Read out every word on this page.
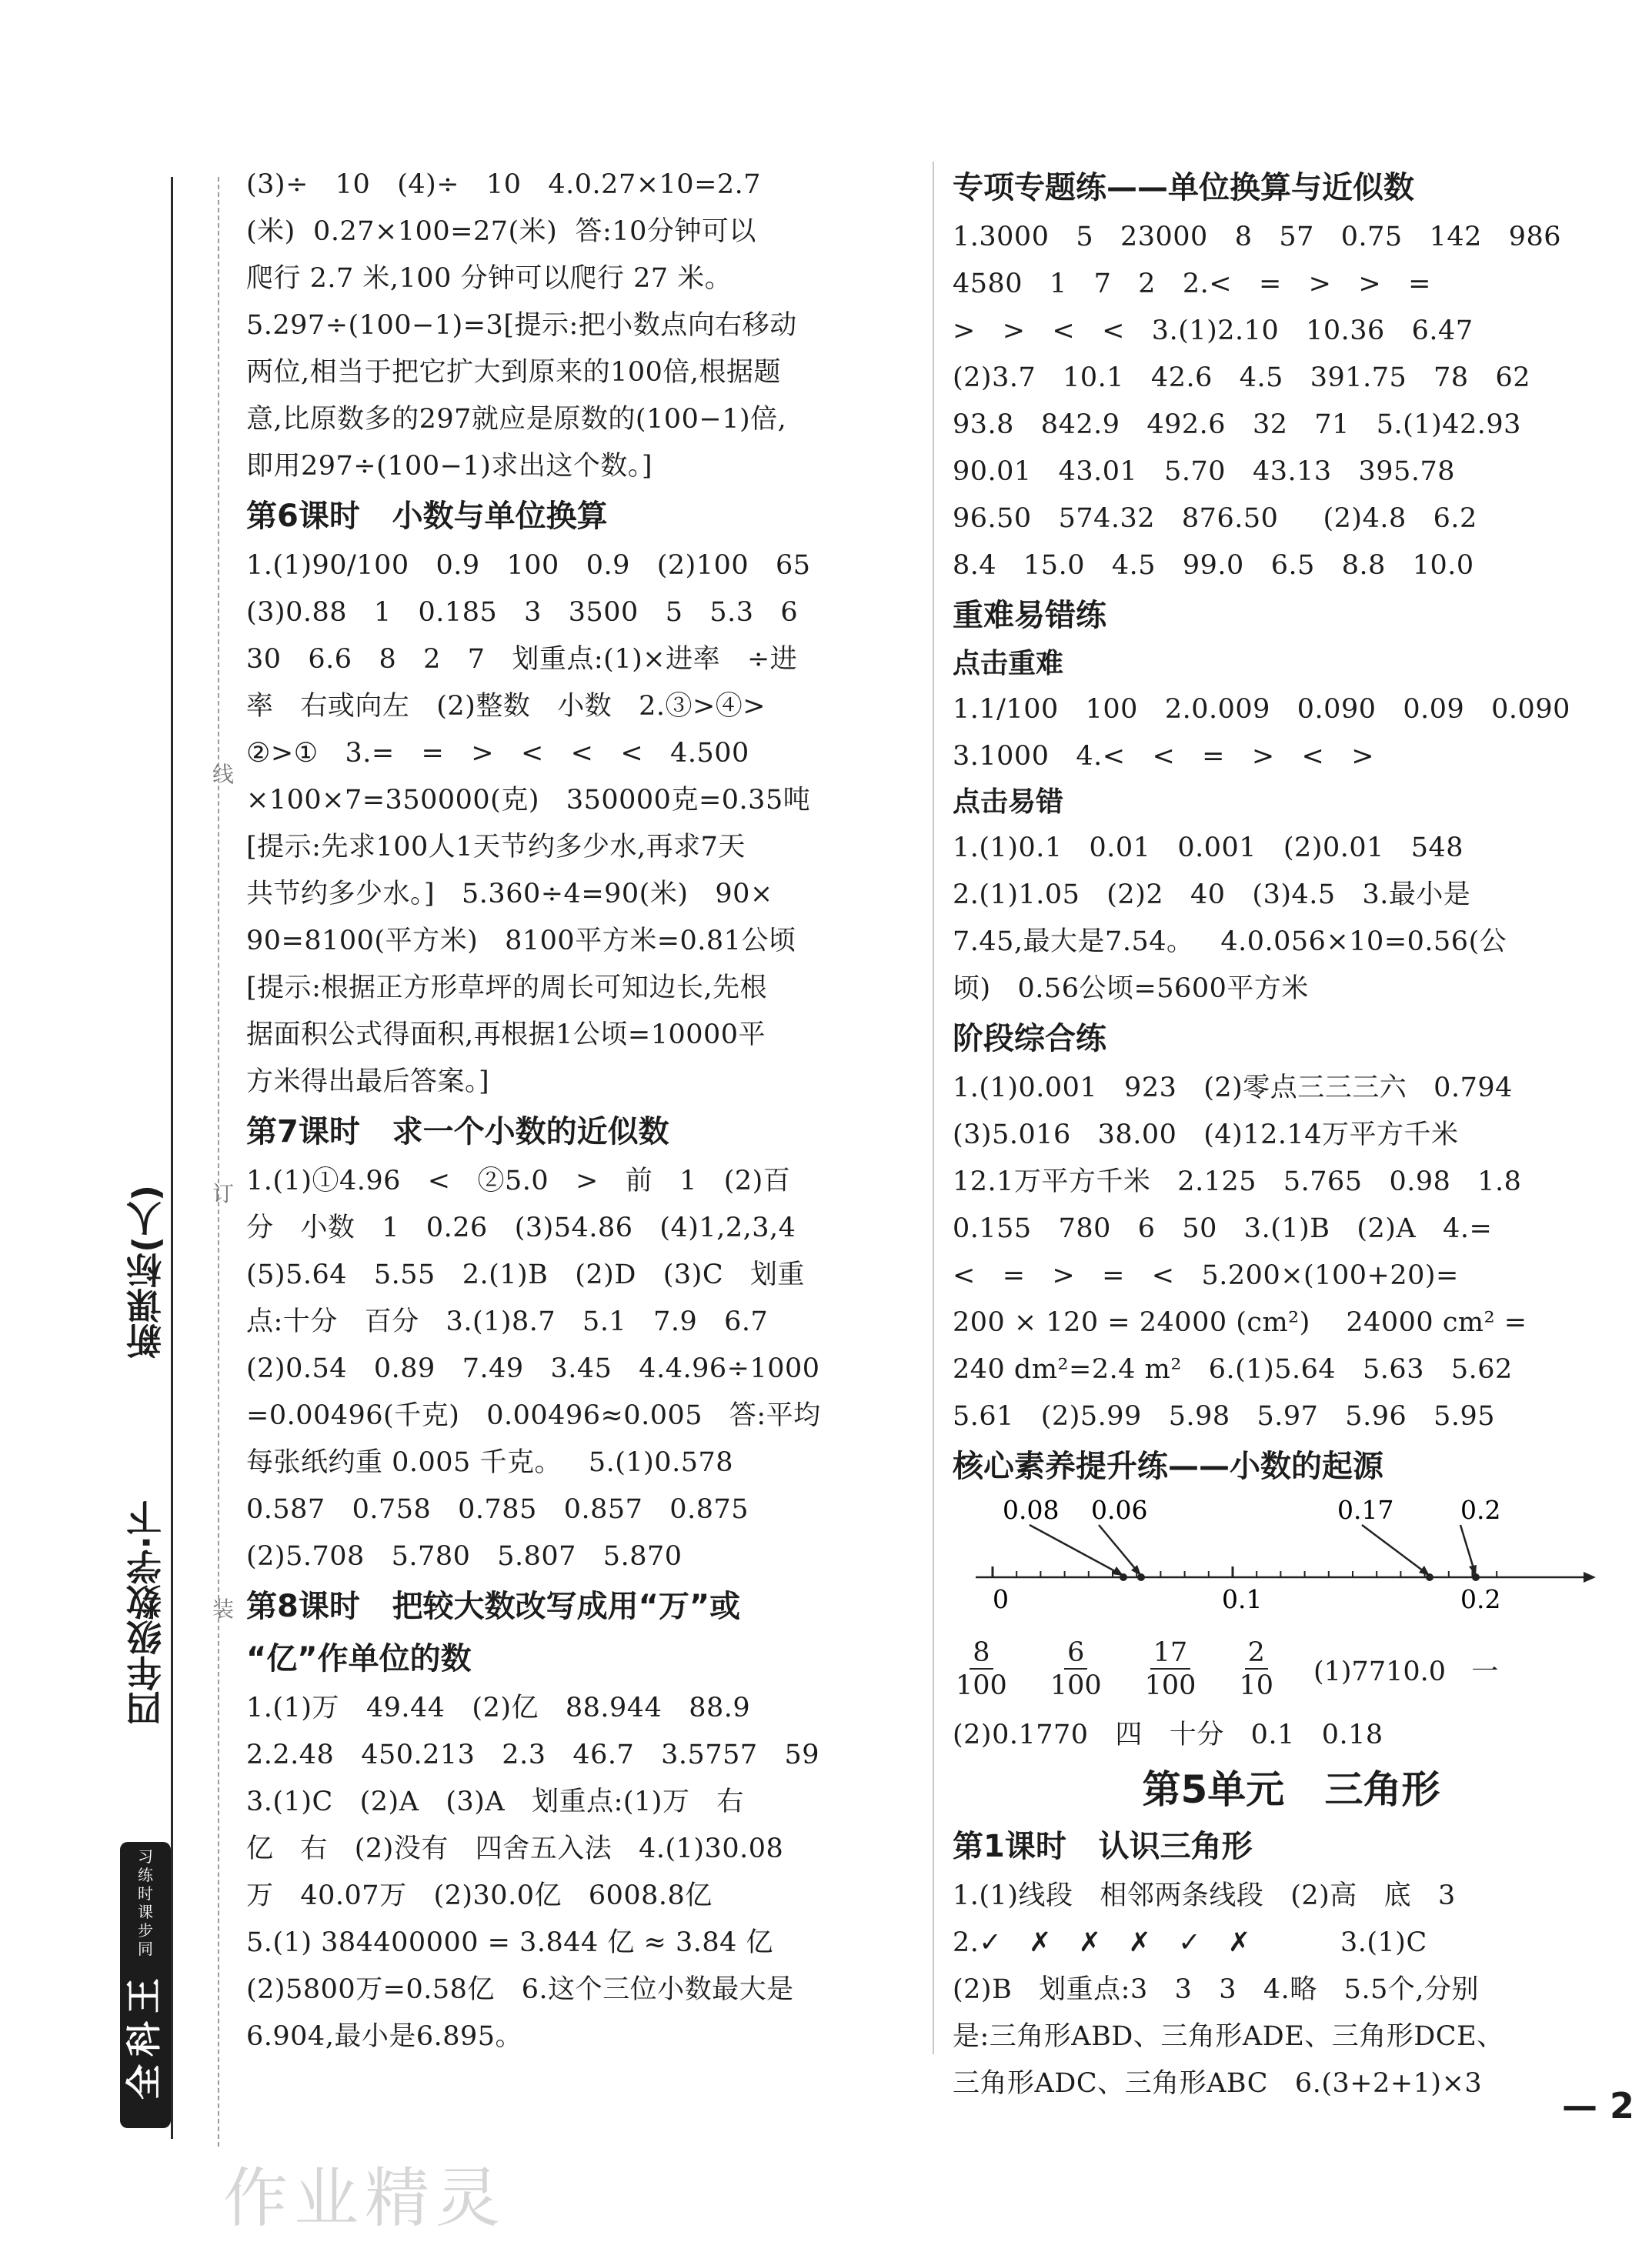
新课标(人)
四年级数学·下
全
科
王
同
步
课
时
练
习
线
订
装
(3)÷   10   (4)÷   10   4.0.27×10=2.7
(米)  0.27×100=27(米)  答:10分钟可以
爬行 2.7 米,100 分钟可以爬行 27 米。
5.297÷(100−1)=3[提示:把小数点向右移动
两位,相当于把它扩大到原来的100倍,根据题
意,比原数多的297就应是原数的(100−1)倍,
即用297÷(100−1)求出这个数。]
第6课时   小数与单位换算
1.(1)90/100   0.9   100   0.9   (2)100   65
(3)0.88   1   0.185   3   3500   5   5.3   6
30   6.6   8   2   7   划重点:(1)×进率   ÷进
率   右或向左   (2)整数   小数   2.③>④>
②>①   3.=   =   >   <   <   <   4.500
×100×7=350000(克)   350000克=0.35吨
[提示:先求100人1天节约多少水,再求7天
共节约多少水。]   5.360÷4=90(米)   90×
90=8100(平方米)   8100平方米=0.81公顷
[提示:根据正方形草坪的周长可知边长,先根
据面积公式得面积,再根据1公顷=10000平
方米得出最后答案。]
第7课时   求一个小数的近似数
1.(1)①4.96   <   ②5.0   >   前   1   (2)百
分   小数   1   0.26   (3)54.86   (4)1,2,3,4
(5)5.64   5.55   2.(1)B   (2)D   (3)C   划重
点:十分   百分   3.(1)8.7   5.1   7.9   6.7
(2)0.54   0.89   7.49   3.45   4.4.96÷1000
=0.00496(千克)   0.00496≈0.005   答:平均
每张纸约重 0.005 千克。   5.(1)0.578
0.587   0.758   0.785   0.857   0.875
(2)5.708   5.780   5.807   5.870
第8课时   把较大数改写成用“万”或
“亿”作单位的数
1.(1)万   49.44   (2)亿   88.944   88.9
2.2.48   450.213   2.3   46.7   3.5757   59
3.(1)C   (2)A   (3)A   划重点:(1)万   右
亿   右   (2)没有   四舍五入法   4.(1)30.08
万   40.07万   (2)30.0亿   6008.8亿
5.(1) 384400000 = 3.844 亿 ≈ 3.84 亿
(2)5800万=0.58亿   6.这个三位小数最大是
6.904,最小是6.895。
专项专题练——单位换算与近似数
1.3000   5   23000   8   57   0.75   142   986
4580   1   7   2   2.<   =   >   >   =
>   >   <   <   3.(1)2.10   10.36   6.47
(2)3.7   10.1   42.6   4.5   391.75   78   62
93.8   842.9   492.6   32   71   5.(1)42.93
90.01   43.01   5.70   43.13   395.78
96.50   574.32   876.50     (2)4.8   6.2
8.4   15.0   4.5   99.0   6.5   8.8   10.0
重难易错练
点击重难
1.1/100   100   2.0.009   0.090   0.09   0.090
3.1000   4.<   <   =   >   <   >
点击易错
1.(1)0.1   0.01   0.001   (2)0.01   548
2.(1)1.05   (2)2   40   (3)4.5   3.最小是
7.45,最大是7.54。   4.0.056×10=0.56(公
顷)   0.56公顷=5600平方米
阶段综合练
1.(1)0.001   923   (2)零点三三三六   0.794
(3)5.016   38.00   (4)12.14万平方千米
12.1万平方千米   2.125   5.765   0.98   1.8
0.155   780   6   50   3.(1)B   (2)A   4.=
<   =   >   =   <   5.200×(100+20)=
200 × 120 = 24000 (cm²)    24000 cm² =
240 dm²=2.4 m²   6.(1)5.64   5.63   5.62
5.61   (2)5.99   5.98   5.97   5.96   5.95
核心素养提升练——小数的起源
0.08 0.06	0.17	0.2
0	0.1	0.2
$\frac{8}{100} \frac{6}{100} \frac{17}{100} \frac{2}{10} (1)7710.0$   一
(2)0.1770   四   十分   0.1   0.18
第5单元   三角形
第1课时   认识三角形
1.(1)线段   相邻两条线段   (2)高   底   3
2.✓   ✗   ✗   ✗   ✓   ✗          3.(1)C
(2)B   划重点:3   3   3   4.略   5.5个,分别
是:三角形ABD、三角形ADE、三角形DCE、
三角形ADC、三角形ABC   6.(3+2+1)×3
— 2
作业精灵
